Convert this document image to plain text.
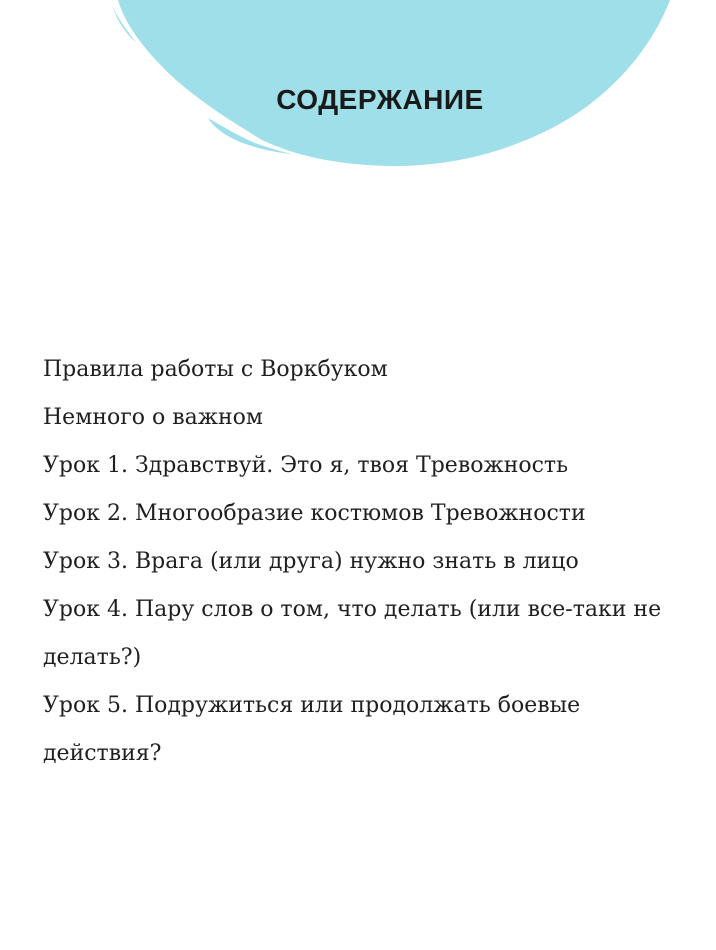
СОДЕРЖАНИЕ
Правила работы с Воркбуком
Немного о важном
Урок 1. Здравствуй. Это я, твоя Тревожность
Урок 2. Многообразие костюмов Тревожности
Урок 3. Врага (или друга) нужно знать в лицо
Урок 4. Пару слов о том, что делать (или все-таки не делать?)
Урок 5. Подружиться или продолжать боевые действия?
